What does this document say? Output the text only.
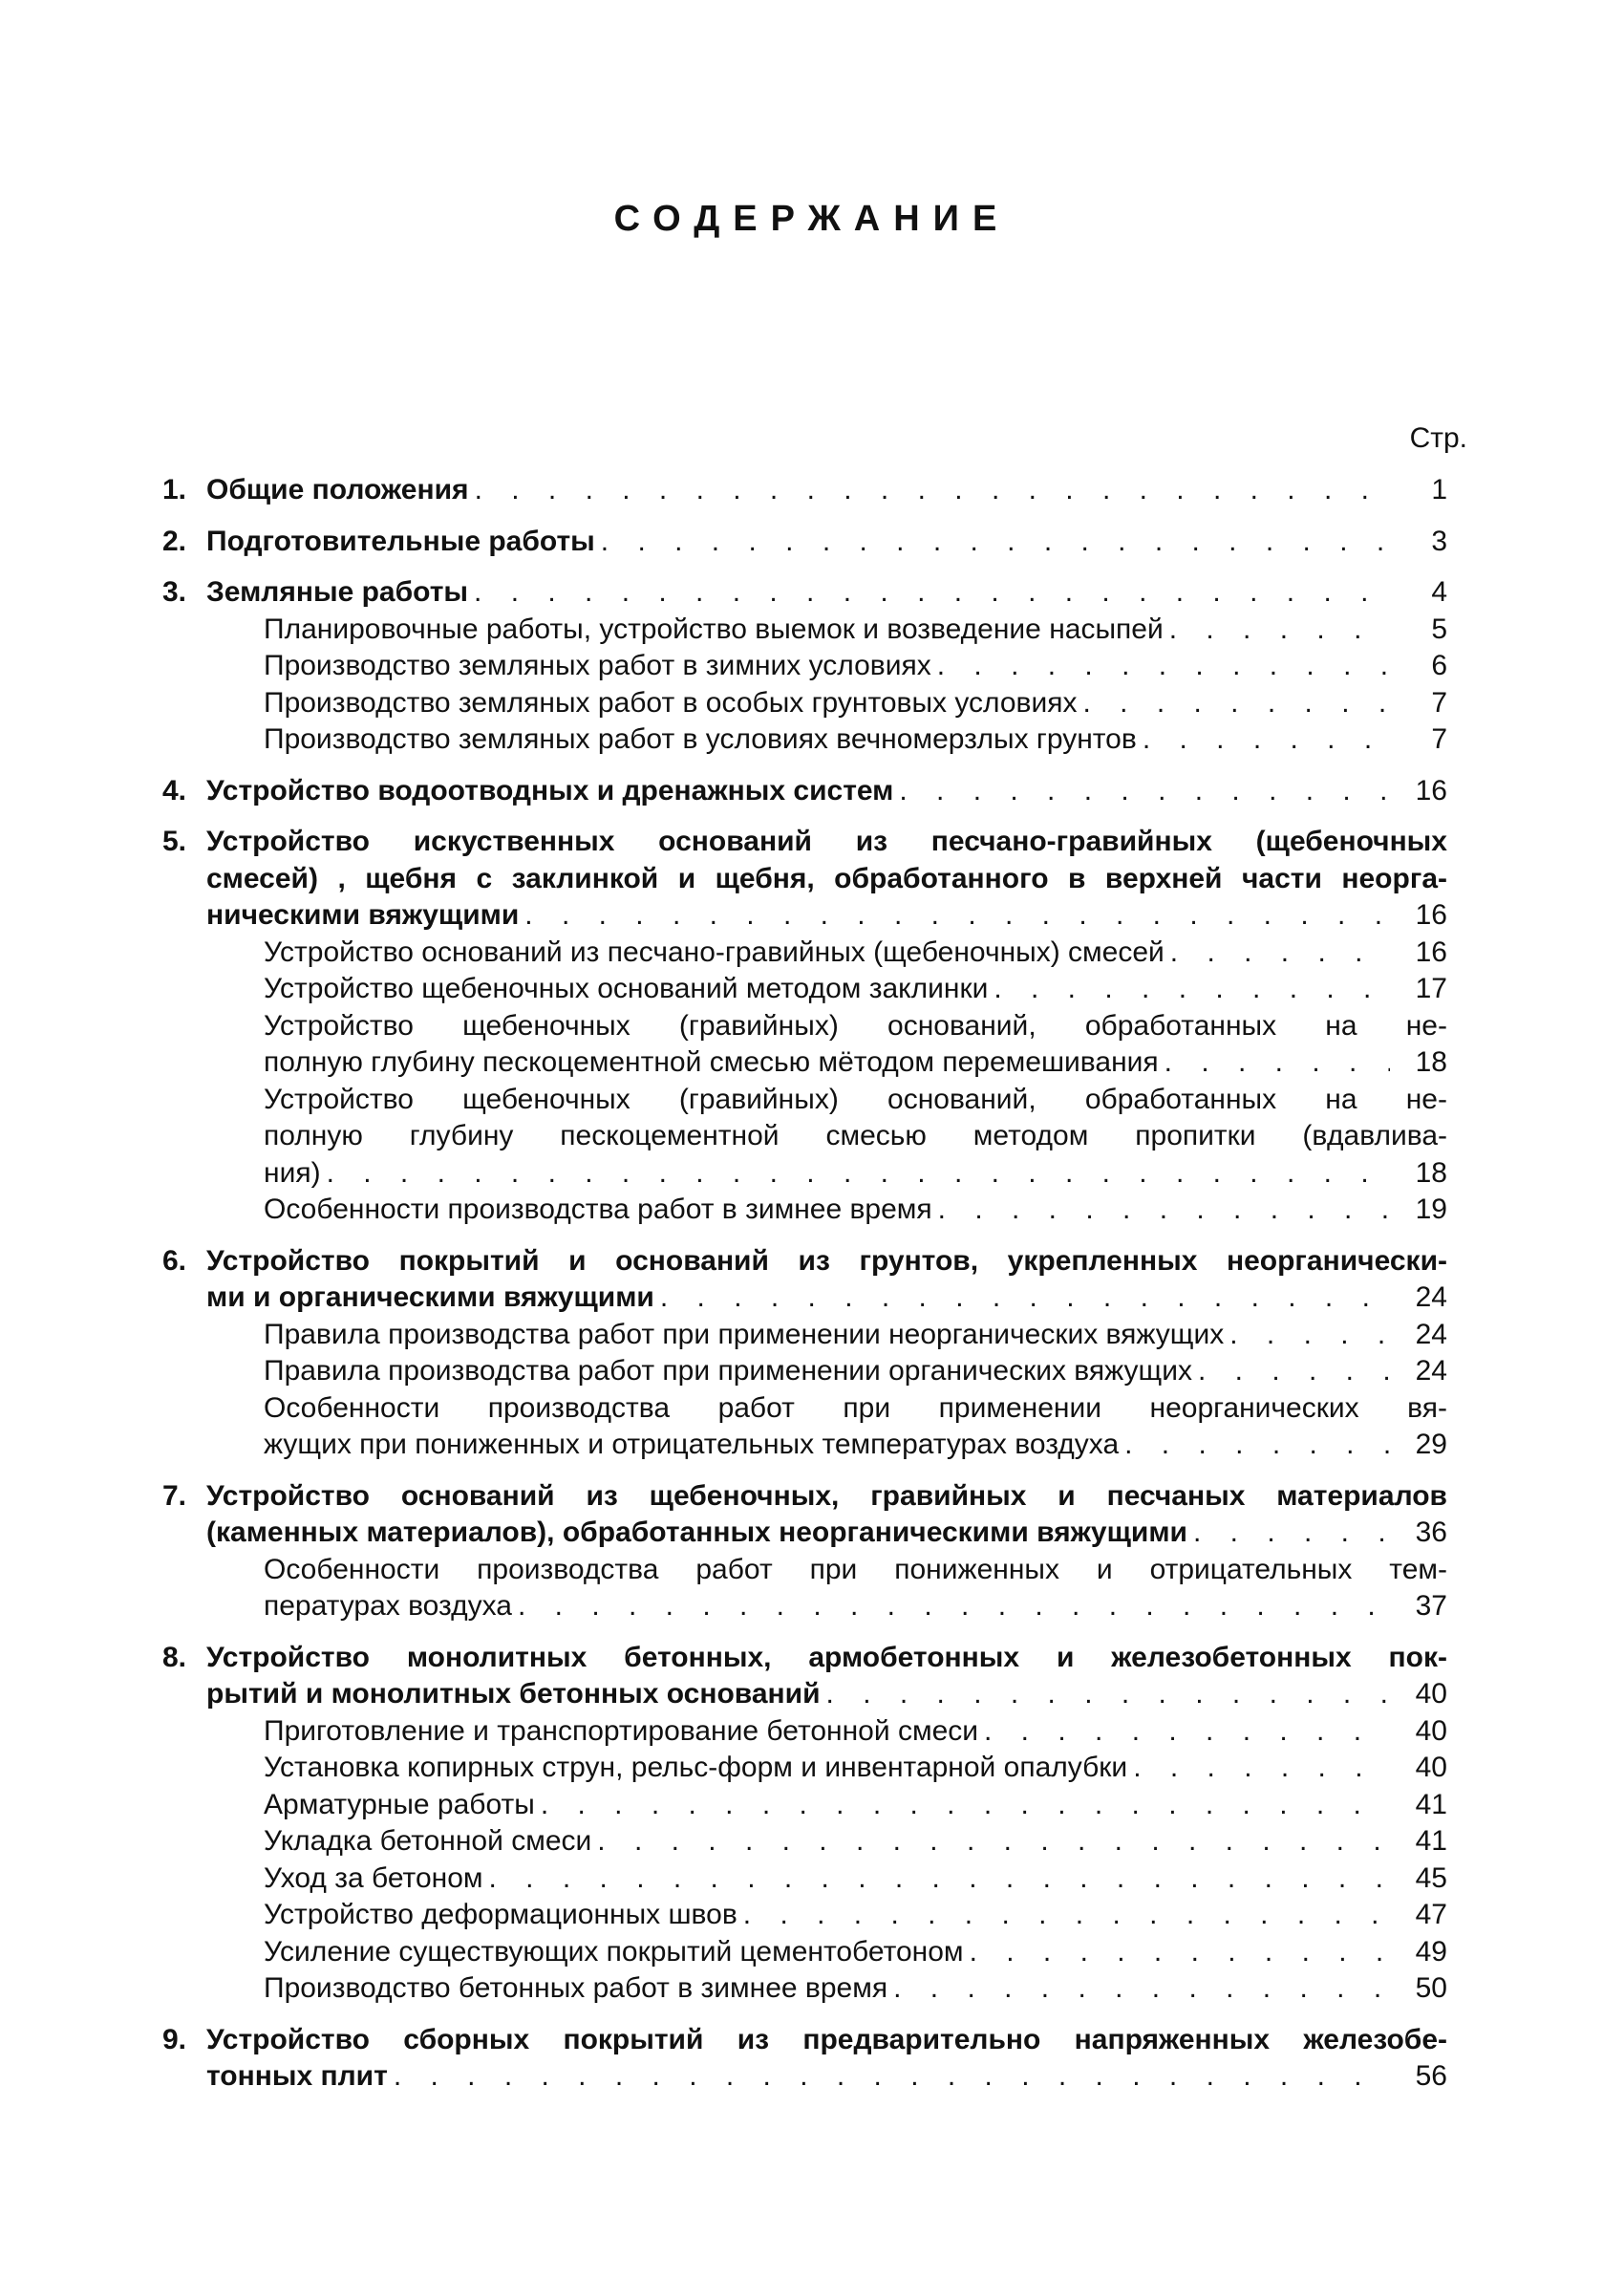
СОДЕРЖАНИЕ
Стр.
1. Общие положения . . .	1
2. Подготовительные работы . . .	3
3. Земляные работы . . .	4
Планировочные работы, устройство выемок и возведение насыпей . . .	5
Производство земляных работ в зимних условиях . . .	6
Производство земляных работ в особых грунтовых условиях . . .	7
Производство земляных работ в условиях вечномерзлых грунтов . . .	7
4. Устройство водоотводных и дренажных систем . . .	16
5. Устройство искуственных оснований из песчано-гравийных (щебеночных
смесей) , щебня с заклинкой и щебня, обработанного в верхней части неорга-
ническими вяжущими . . .	16
Устройство оснований из песчано-гравийных (щебеночных) смесей . . .	16
Устройство щебеночных оснований методом заклинки . . .	17
Устройство щебеночных (гравийных) оснований, обработанных на не-
полную глубину пескоцементной смесью мётодом перемешивания . . .	18
Устройство щебеночных (гравийных) оснований, обработанных на не-
полную глубину пескоцементной смесью методом пропитки (вдавлива-
ния) . . .	18
Особенности производства работ в зимнее время . . .	19
6. Устройство покрытий и оснований из грунтов, укрепленных неорганически-
ми и органическими вяжущими . . .	24
Правила производства работ при применении неорганических вяжущих . . .	24
Правила производства работ при применении органических вяжущих . . .	24
Особенности производства работ при применении неорганических вя-
жущих при пониженных и отрицательных температурах воздуха . . .	29
7. Устройство оснований из щебеночных, гравийных и песчаных материалов
(каменных материалов), обработанных неорганическими вяжущими . . .	36
Особенности производства работ при пониженных и отрицательных тем-
пературах воздуха . . .	37
8. Устройство монолитных бетонных, армобетонных и железобетонных пок-
рытий и монолитных бетонных оснований . . .	40
Приготовление и транспортирование бетонной смеси . . .	40
Установка копирных струн, рельс-форм и инвентарной опалубки . . .	40
Арматурные работы . . .	41
Укладка бетонной смеси . . .	41
Уход за бетоном . . .	45
Устройство деформационных швов . . .	47
Усиление существующих покрытий цементобетоном . . .	49
Производство бетонных работ в зимнее время . . .	50
9. Устройство сборных покрытий из предварительно напряженных железобе-
тонных плит . . .	56
